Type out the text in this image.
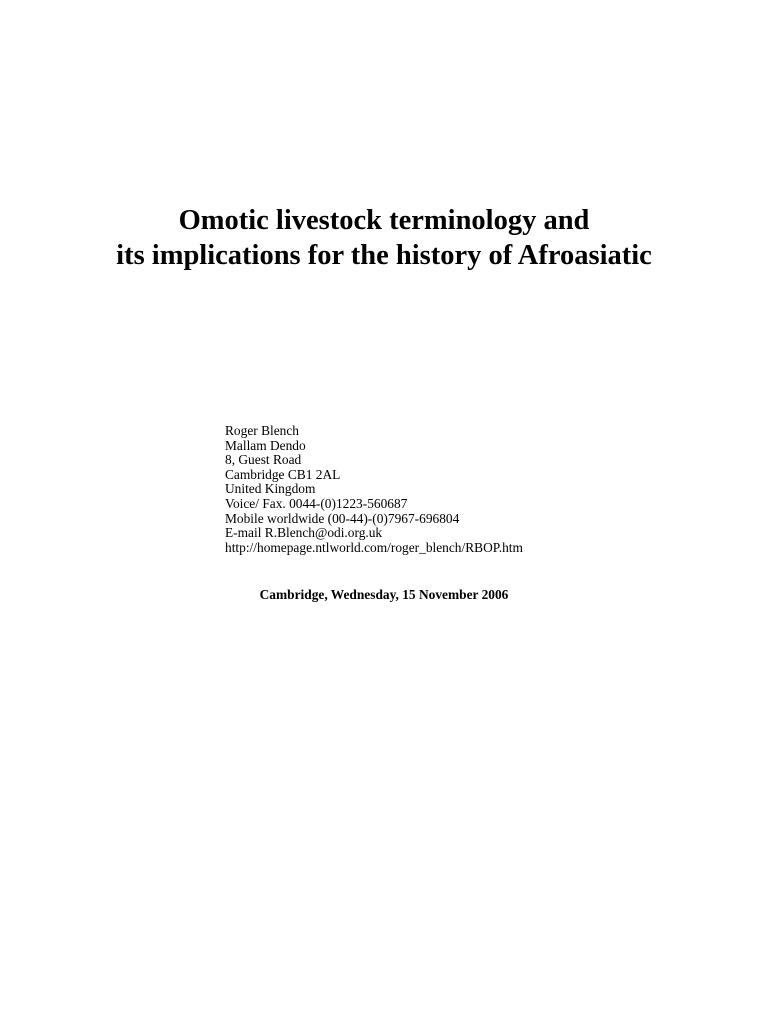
Omotic livestock terminology and
its implications for the history of Afroasiatic
Roger Blench
Mallam Dendo
8, Guest Road
Cambridge CB1 2AL
United Kingdom
Voice/ Fax. 0044-(0)1223-560687
Mobile worldwide (00-44)-(0)7967-696804
E-mail R.Blench@odi.org.uk
http://homepage.ntlworld.com/roger_blench/RBOP.htm
Cambridge, Wednesday, 15 November 2006
